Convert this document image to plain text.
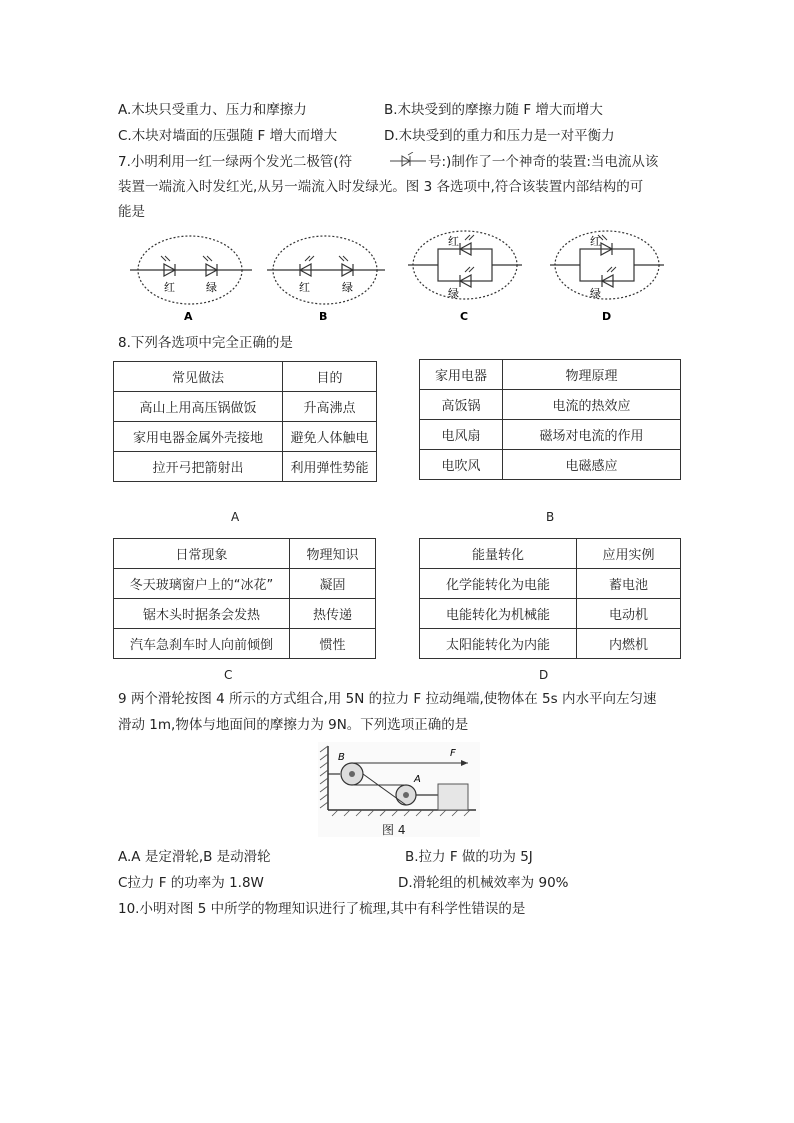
A.木块只受重力、压力和摩擦力	B.木块受到的摩擦力随 F 增大而增大
C.木块对墙面的压强随 F 增大而增大	D.木块受到的重力和压力是一对平衡力
7.小明利用一红一绿两个发光二极管(符	号:)制作了一个神奇的装置:当电流从该
装置一端流入时发红光,从另一端流入时发绿光。图 3 各选项中,符合该装置内部结构的可
能是
红	绿
A
红	绿
B
红
绿
C
红
绿
D
8.下列各选项中完全正确的是
常见做法	目的
高山上用高压锅做饭	升高沸点
家用电器金属外壳接地	避免人体触电
拉开弓把箭射出	利用弹性势能
家用电器	物理原理
高饭锅	电流的热效应
电风扇	磁场对电流的作用
电吹风	电磁感应
A	B
日常现象	物理知识
冬天玻璃窗户上的“冰花”	凝固
锯木头时据条会发热	热传递
汽车急刹车时人向前倾倒	惯性
能量转化	应用实例
化学能转化为电能	蓄电池
电能转化为机械能	电动机
太阳能转化为内能	内燃机
C	D
9 两个滑轮按图 4 所示的方式组合,用 5N 的拉力 F 拉动绳端,使物体在 5s 内水平向左匀速
滑动 1m,物体与地面间的摩擦力为 9N。下列选项正确的是
B
A
F
图 4
A.A 是定滑轮,B 是动滑轮	B.拉力 F 做的功为 5J
C拉力 F 的功率为 1.8W	D.滑轮组的机械效率为 90%
10.小明对图 5 中所学的物理知识进行了梳理,其中有科学性错误的是
